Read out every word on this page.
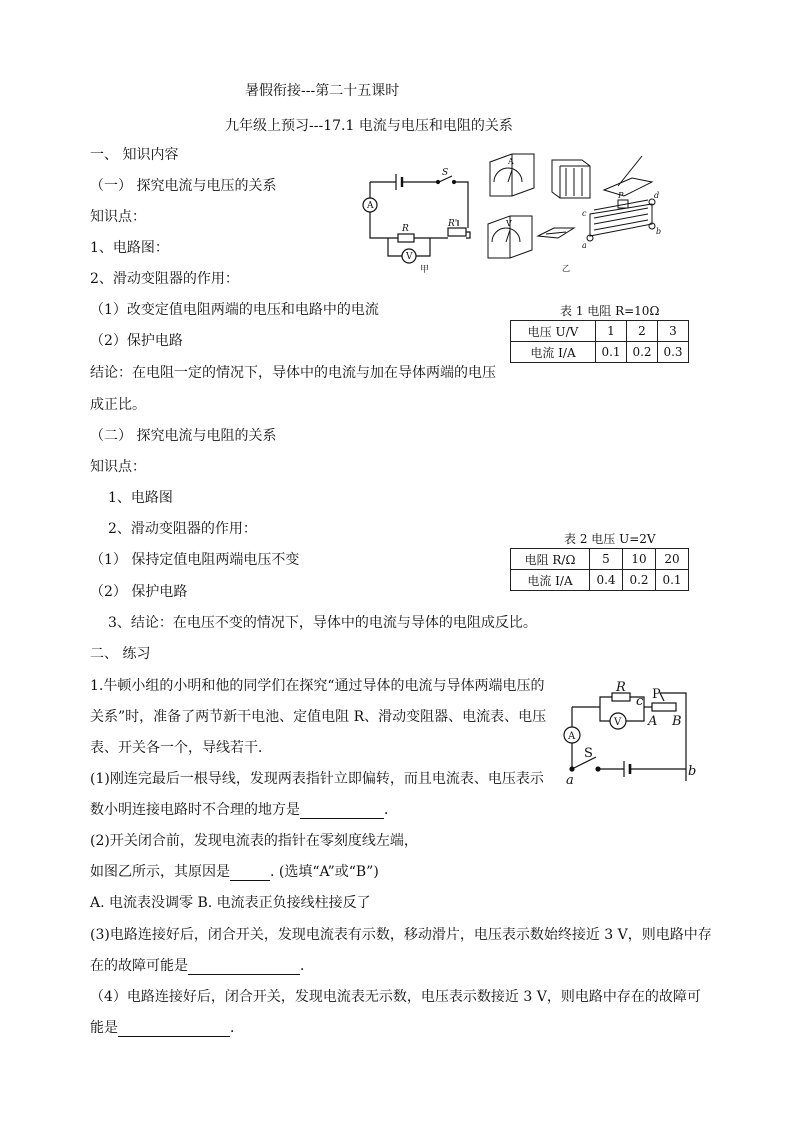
暑假衔接---第二十五课时
九年级上预习---17.1 电流与电压和电阻的关系
一、 知识内容
（一） 探究电流与电压的关系
知识点：
1、电路图：
2、滑动变阻器的作用：
（1）改变定值电阻两端的电压和电路中的电流
（2）保护电路
结论：在电阻一定的情况下，导体中的电流与加在导体两端的电压
成正比。
（二） 探究电流与电阻的关系
知识点：
1、电路图
2、滑动变阻器的作用：
（1） 保持定值电阻两端电压不变
（2） 保护电路
3、结论：在电压不变的情况下，导体中的电流与导体的电阻成反比。
A
V
S
R	R'
甲
A
V
P	d
a
b
c
乙
表 1 电阻 R=10Ω
电压 U/V	1	2	3
电流 I/A	0.1	0.2	0.3
表 2 电压 U=2V
电阻 R/Ω	5	10	20
电流 I/A	0.4	0.2	0.1
二、 练习
1.牛顿小组的小明和他的同学们在探究“通过导体的电流与导体两端电压的
关系”时，准备了两节新干电池、定值电阻 R、滑动变阻器、电流表、电压
表、开关各一个，导线若干．
(1)刚连完最后一根导线，发现两表指针立即偏转，而且电流表、电压表示
数小明连接电路时不合理的地方是	．
(2)开关闭合前，发现电流表的指针在零刻度线左端，
如图乙所示，其原因是	. (选填“A”或“B”)
A. 电流表没调零 B. 电流表正负接线柱接反了
(3)电路连接好后，闭合开关，发现电流表有示数，移动滑片，电压表示数始终接近 3 V，则电路中存
在的故障可能是	．
（4）电路连接好后，闭合开关，发现电流表无示数，电压表示数接近 3 V，则电路中存在的故障可
能是	．
R P
c
A B
S
a
b
A
V
